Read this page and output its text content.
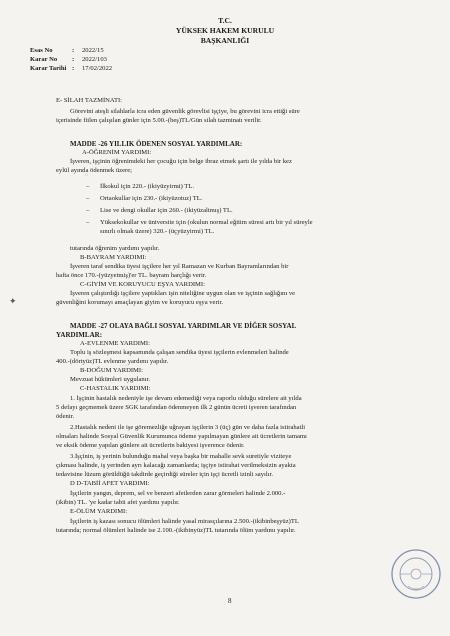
T.C.
YÜKSEK HAKEM KURULU
BAŞKANLIĞI
Esas No	: 2022/15
Karar No : 2022/103
Karar Tarihi : 17/02/2022
E- SİLAH TAZMİNATI:
Görevini ateşli silahlarla icra eden güvenlik görevlisi işçiye, bu görevini icra ettiği süre
içerisinde fiilen çalışılan günler için 5.00.-(beş)TL/Gün silah tazminatı verilir.
MADDE -26 YILLIK ÖDENEN SOSYAL YARDIMLAR:
A-ÖĞRENİM YARDIMI:
İşveren, işçinin öğrenimdeki her çocuğu için belge ibraz etmek şartı ile yılda bir kez
eylül ayında ödenmek üzere;
– İlkokul için 220.- (ikiyüzyirmi) TL.
– Ortaokullar için 230.- (ikiyüzotuz) TL.
– Lise ve dengi okullar için 260.- (ikiyüzaltmış) TL.
– Yüksekokullar ve üniversite için (okulun normal eğitim süresi artı bir yıl süreyle
sınırlı olmak üzere) 320.- (üçyüzyirmi) TL.
tutarında öğrenim yardımı yapılır.
B-BAYRAM YARDIMI:
İşveren taraf sendika üyesi işçilere her yıl Ramazan ve Kurban Bayramlarından bir
hafta önce 170.-(yüzyetmiş)'er TL. bayram harçlığı verir.
C-GİYİM VE KORUYUCU EŞYA YARDIMI:
İşveren çalıştırdığı işçilere yaptıkları işin niteliğine uygun olan ve işçinin sağlığını ve
güvenliğini korumayı amaçlayan giyim ve koruyucu eşya verir.
MADDE -27 OLAYA BAĞLI SOSYAL YARDIMLAR VE DİĞER SOSYAL
YARDIMLAR:
A-EVLENME YARDIMI:
Toplu iş sözleşmesi kapsamında çalışan sendika üyesi işçilerin evlenmeleri halinde
400.-(dörtyüz)TL evlenme yardımı yapılır.
B-DOĞUM YARDIMI:
Mevzuat hükümleri uygulanır.
C-HASTALIK YARDIMI:
1. İşçinin hastalık nedeniyle işe devam edemediği veya raporlu olduğu sürelere ait yılda
5 defayı geçmemek üzere SGK tarafından ödenmeyen ilk 2 günün ücreti işveren tarafından
ödenir.
2.Hastalık nedeni ile işe göremezliğe uğrayan işçilerin 3 (üç) gün ve daha fazla istirahatli
olmaları halinde Sosyal Güvenlik Kurumunca ödeme yapılmayan günlere ait ücretlerin tamamı
ve eksik ödeme yapılan günlere ait ücretlerin bakiyesi işverence ödenir.
3.İşçinin, iş yerinin bulunduğu mahal veya başka bir mahalle sevk suretiyle viziteye
çıkması halinde, iş yerinden ayrı kalacağı zamanlarda; işçiye istirahat verilmeksizin ayakta
tedavisine lüzum görüldüğü takdirde geçirdiği süreler için işçi ücretli izinli sayılır.
D D-TABİİ AFET YARDIMI:
İşçilerin yangın, deprem, sel ve benzeri afetlerden zarar görmeleri halinde 2.000.-
(ikibin) TL. 'ye kadar tabii afet yardımı yapılır.
E-ÖLÜM YARDIMI:
İşçilerin iş kazası sonucu ölümleri halinde yasal mirasçılarına 2.500.-(ikibinbeşyüz)TL
tutarında; normal ölümleri halinde ise 2.100.-(ikibinyüz)TL tutarında ölüm yardımı yapılır.
8
✦
